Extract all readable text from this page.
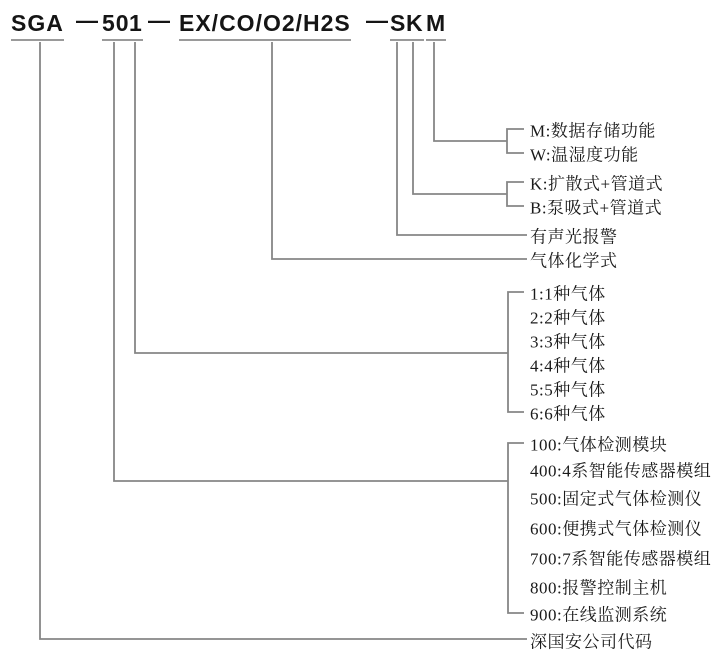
SGA — 50 1 — EX/CO/O2/H2S — S K M
M:数据存储功能
W:温湿度功能
K:扩散式+管道式
B:泵吸式+管道式
有声光报警
气体化学式
1:1种气体
2:2种气体
3:3种气体
4:4种气体
5:5种气体
6:6种气体
100:气体检测模块
400:4系智能传感器模组
500:固定式气体检测仪
600:便携式气体检测仪
700:7系智能传感器模组
800:报警控制主机
900:在线监测系统
深国安公司代码
